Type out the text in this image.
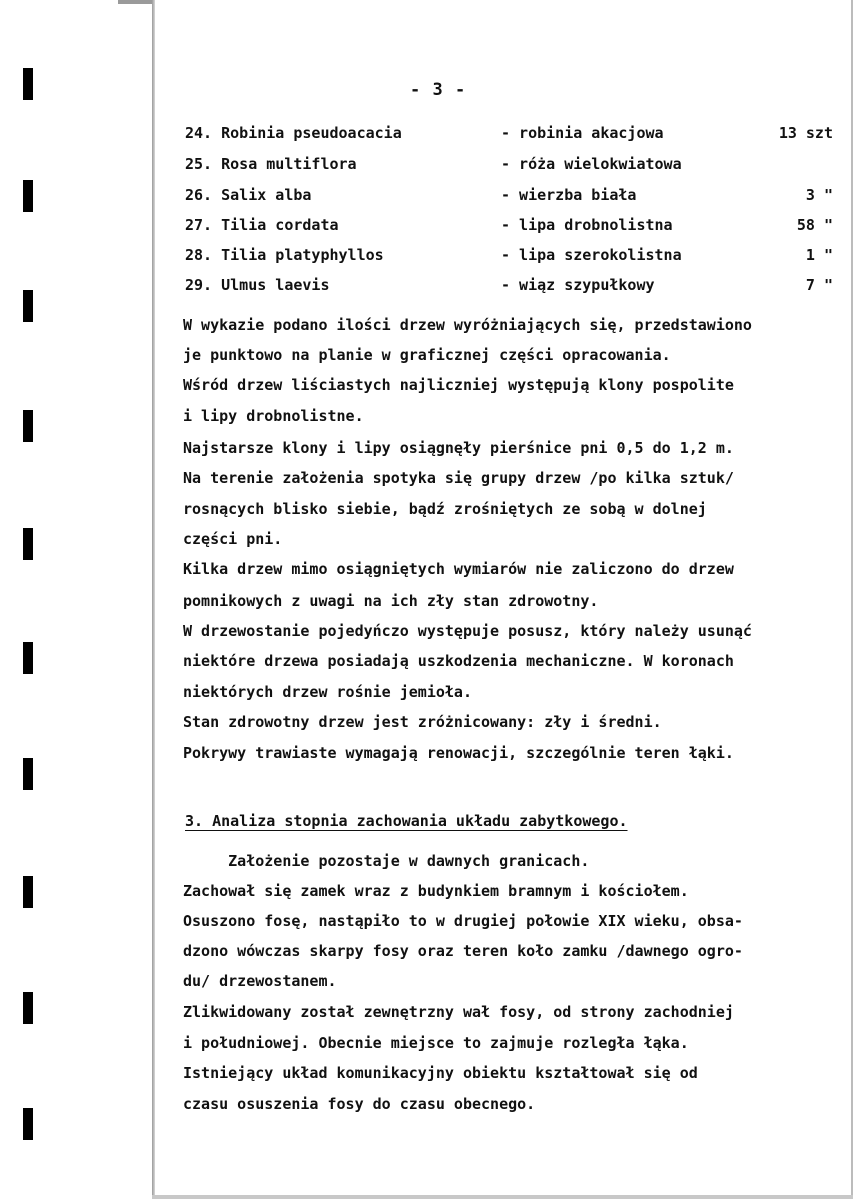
- 3 -
24. Robinia pseudoacacia	- robinia akacjowa	13 szt
25. Rosa multiflora	- róża wielokwiatowa
26. Salix alba	- wierzba biała	3 "
27. Tilia cordata	- lipa drobnolistna	58 "
28. Tilia platyphyllos	- lipa szerokolistna	1 "
29. Ulmus laevis	- wiąz szypułkowy	7 "
W wykazie podano ilości drzew wyróżniających się, przedstawiono
je punktowo na planie w graficznej części opracowania.
Wśród drzew liściastych najliczniej występują klony pospolite
i lipy drobnolistne.
Najstarsze klony i lipy osiągnęły pierśnice pni 0,5 do 1,2 m.
Na terenie założenia spotyka się grupy drzew /po kilka sztuk/
rosnących blisko siebie, bądź zrośniętych ze sobą w dolnej
części pni.
Kilka drzew mimo osiągniętych wymiarów nie zaliczono do drzew
pomnikowych z uwagi na ich zły stan zdrowotny.
W drzewostanie pojedyńczo występuje posusz, który należy usunąć
niektóre drzewa posiadają uszkodzenia mechaniczne. W koronach
niektórych drzew rośnie jemioła.
Stan zdrowotny drzew jest zróżnicowany: zły i średni.
Pokrywy trawiaste wymagają renowacji, szczególnie teren łąki.
3. Analiza stopnia zachowania układu zabytkowego.
Założenie pozostaje w dawnych granicach.
Zachował się zamek wraz z budynkiem bramnym i kościołem.
Osuszono fosę, nastąpiło to w drugiej połowie XIX wieku, obsa-
dzono wówczas skarpy fosy oraz teren koło zamku /dawnego ogro-
du/ drzewostanem.
Zlikwidowany został zewnętrzny wał fosy, od strony zachodniej
i południowej. Obecnie miejsce to zajmuje rozległa łąka.
Istniejący układ komunikacyjny obiektu kształtował się od
czasu osuszenia fosy do czasu obecnego.
